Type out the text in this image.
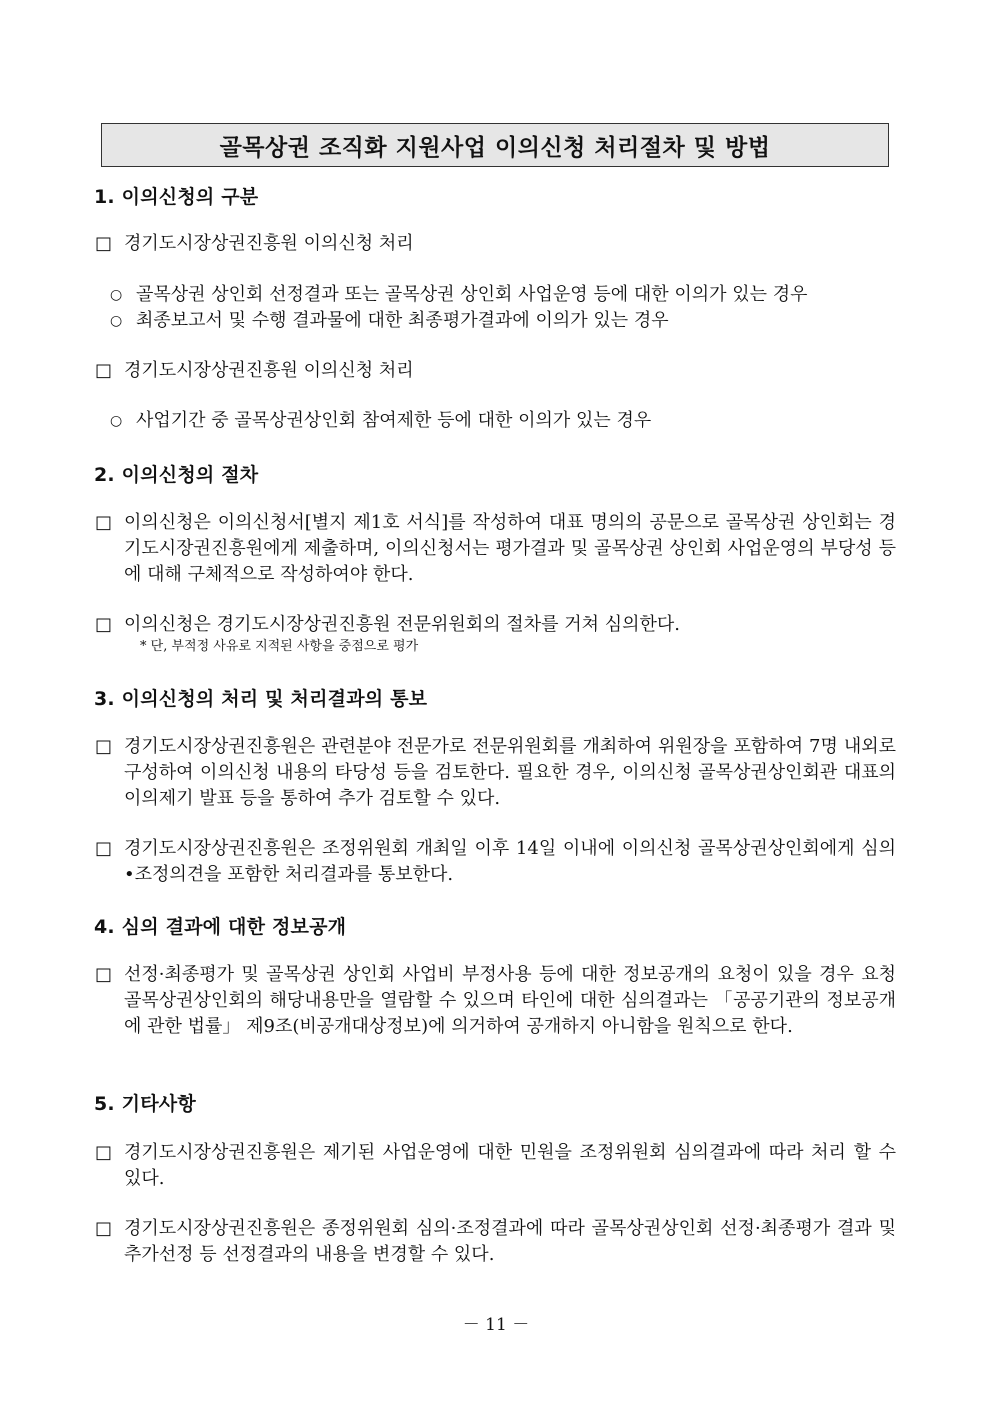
골목상권 조직화 지원사업 이의신청 처리절차 및 방법
1. 이의신청의 구분
□ 경기도시장상권진흥원 이의신청 처리
○ 골목상권 상인회 선정결과 또는 골목상권 상인회 사업운영 등에 대한 이의가 있는 경우
○ 최종보고서 및 수행 결과물에 대한 최종평가결과에 이의가 있는 경우
□ 경기도시장상권진흥원 이의신청 처리
○ 사업기간 중 골목상권상인회 참여제한 등에 대한 이의가 있는 경우
2. 이의신청의 절차
□ 이의신청은 이의신청서[별지 제1호 서식]를 작성하여 대표 명의의 공문으로 골목상권 상인회는 경기도시장권진흥원에게 제출하며, 이의신청서는 평가결과 및 골목상권 상인회 사업운영의 부당성 등에 대해 구체적으로 작성하여야 한다.
□ 이의신청은 경기도시장상권진흥원 전문위원회의 절차를 거쳐 심의한다.
* 단, 부적정 사유로 지적된 사항을 중점으로 평가
3. 이의신청의 처리 및 처리결과의 통보
□ 경기도시장상권진흥원은 관련분야 전문가로 전문위원회를 개최하여 위원장을 포함하여 7명 내외로 구성하여 이의신청 내용의 타당성 등을 검토한다. 필요한 경우, 이의신청 골목상권상인회관 대표의 이의제기 발표 등을 통하여 추가 검토할 수 있다.
□ 경기도시장상권진흥원은 조정위원회 개최일 이후 14일 이내에 이의신청 골목상권상인회에게 심의•조정의견을 포함한 처리결과를 통보한다.
4. 심의 결과에 대한 정보공개
□ 선정·최종평가 및 골목상권 상인회 사업비 부정사용 등에 대한 정보공개의 요청이 있을 경우 요청 골목상권상인회의 해당내용만을 열람할 수 있으며 타인에 대한 심의결과는 「공공기관의 정보공개에 관한 법률」 제9조(비공개대상정보)에 의거하여 공개하지 아니함을 원칙으로 한다.
5. 기타사항
□ 경기도시장상권진흥원은 제기된 사업운영에 대한 민원을 조정위원회 심의결과에 따라 처리 할 수 있다.
□ 경기도시장상권진흥원은 종정위원회 심의·조정결과에 따라 골목상권상인회 선정·최종평가 결과 및 추가선정 등 선정결과의 내용을 변경할 수 있다.
－ 11 －
